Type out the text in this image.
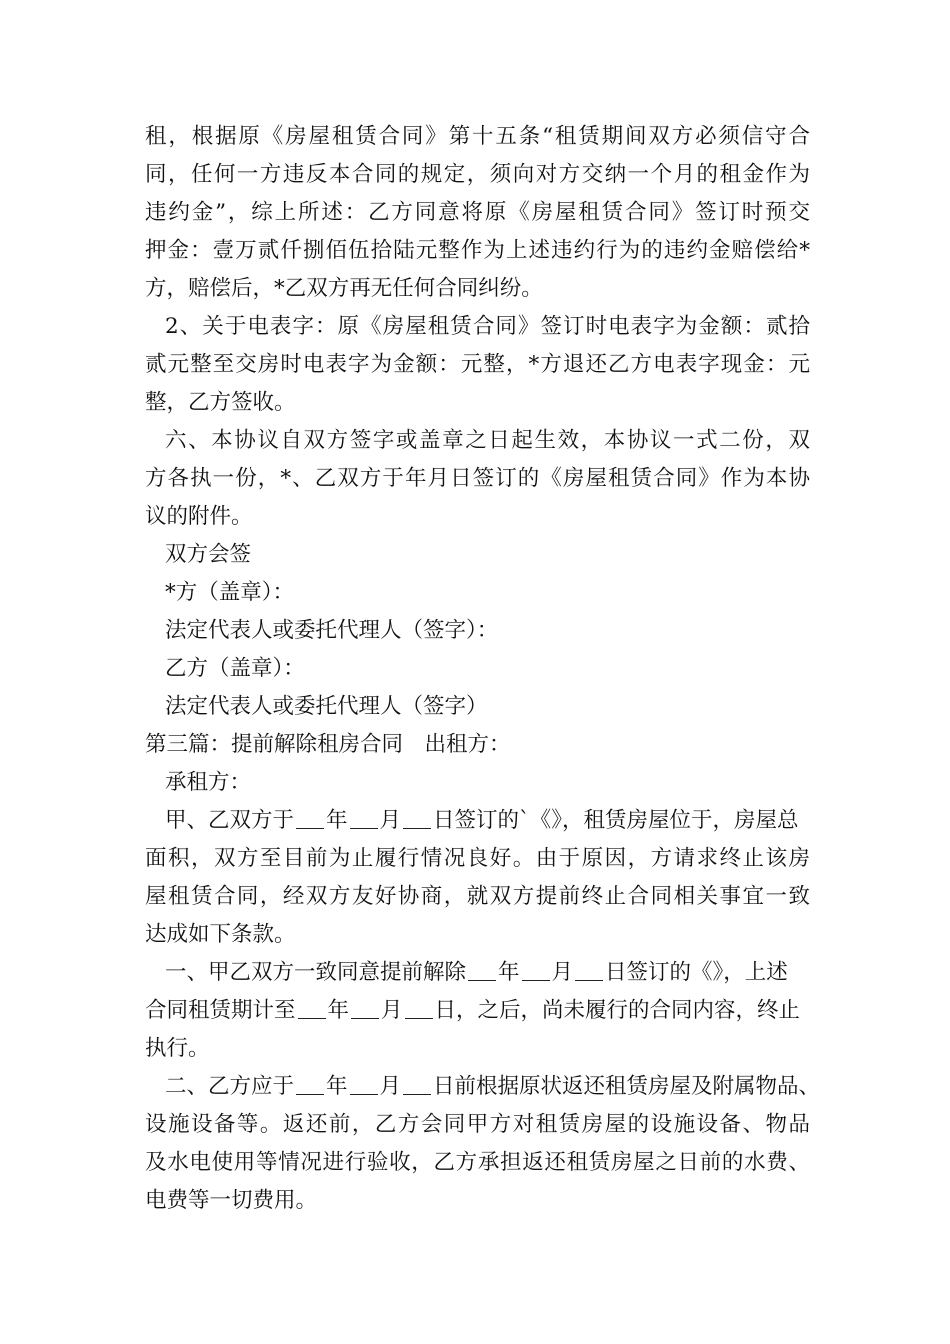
租，根据原《房屋租赁合同》第十五条“租赁期间双方必须信守合
同，任何一方违反本合同的规定，须向对方交纳一个月的租金作为
违约金”，综上所述：乙方同意将原《房屋租赁合同》签订时预交
押金：壹万贰仟捌佰伍拾陆元整作为上述违约行为的违约金赔偿给*
方，赔偿后，*乙双方再无任何合同纠纷。
2、关于电表字：原《房屋租赁合同》签订时电表字为金额：贰拾
贰元整至交房时电表字为金额：元整，*方退还乙方电表字现金：元
整，乙方签收。
六、本协议自双方签字或盖章之日起生效，本协议一式二份，双
方各执一份，*、乙双方于年月日签订的《房屋租赁合同》作为本协
议的附件。
双方会签
*方（盖章）：
法定代表人或委托代理人（签字）：
乙方（盖章）：
法定代表人或委托代理人（签字）
第三篇：提前解除租房合同　出租方：
承租方：
甲、乙双方于 年 月 日签订的`《》，租赁房屋位于，房屋总
面积，双方至目前为止履行情况良好。由于原因，方请求终止该房
屋租赁合同，经双方友好协商，就双方提前终止合同相关事宜一致
达成如下条款。
一、甲乙双方一致同意提前解除 年 月 日签订的《》，上述
合同租赁期计至 年 月 日，之后，尚未履行的合同内容，终止
执行。
二、乙方应于 年 月 日前根据原状返还租赁房屋及附属物品、
设施设备等。返还前，乙方会同甲方对租赁房屋的设施设备、物品
及水电使用等情况进行验收，乙方承担返还租赁房屋之日前的水费、
电费等一切费用。
